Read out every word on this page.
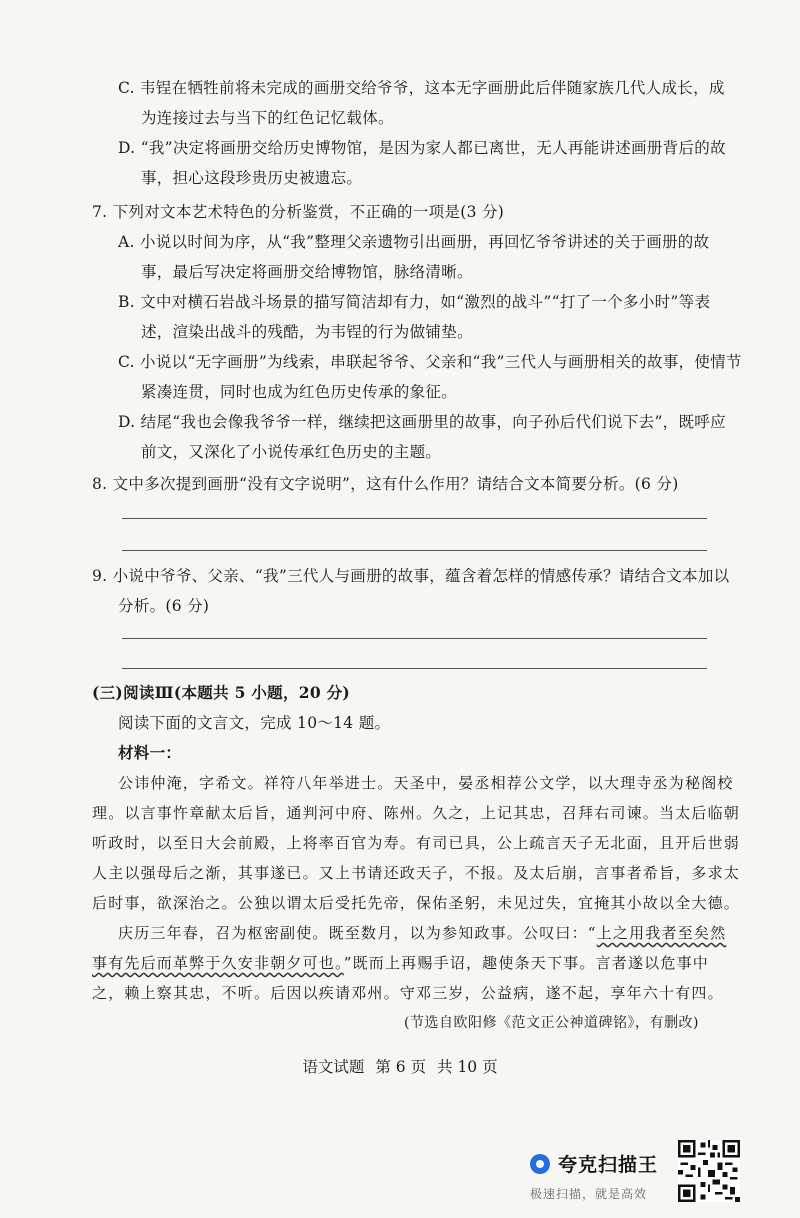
C. 韦锃在牺牲前将未完成的画册交给爷爷，这本无字画册此后伴随家族几代人成长，成
为连接过去与当下的红色记忆载体。
D. “我”决定将画册交给历史博物馆，是因为家人都已离世，无人再能讲述画册背后的故
事，担心这段珍贵历史被遗忘。
7. 下列对文本艺术特色的分析鉴赏，不正确的一项是(3 分)
A. 小说以时间为序，从“我”整理父亲遗物引出画册，再回忆爷爷讲述的关于画册的故
事，最后写决定将画册交给博物馆，脉络清晰。
B. 文中对横石岩战斗场景的描写简洁却有力，如“激烈的战斗”“打了一个多小时”等表
述，渲染出战斗的残酷，为韦锃的行为做铺垫。
C. 小说以“无字画册”为线索，串联起爷爷、父亲和“我”三代人与画册相关的故事，使情节
紧凑连贯，同时也成为红色历史传承的象征。
D. 结尾“我也会像我爷爷一样，继续把这画册里的故事，向子孙后代们说下去”，既呼应
前文，又深化了小说传承红色历史的主题。
8. 文中多次提到画册“没有文字说明”，这有什么作用？请结合文本简要分析。(6 分)
9. 小说中爷爷、父亲、“我”三代人与画册的故事，蕴含着怎样的情感传承？请结合文本加以
分析。(6 分)
(三)阅读Ⅲ(本题共 5 小题，20 分)
阅读下面的文言文，完成 10～14 题。
材料一：
公讳仲淹，字希文。祥符八年举进士。天圣中，晏丞相荐公文学，以大理寺丞为秘阁校
理。以言事忤章献太后旨，通判河中府、陈州。久之，上记其忠，召拜右司谏。当太后临朝
听政时，以至日大会前殿，上将率百官为寿。有司已具，公上疏言天子无北面，且开后世弱
人主以强母后之渐，其事遂已。又上书请还政天子，不报。及太后崩，言事者希旨，多求太
后时事，欲深治之。公独以谓太后受托先帝，保佑圣躬，未见过失，宜掩其小故以全大德。
庆历三年春，召为枢密副使。既至数月，以为参知政事。公叹曰：“上之用我者至矣然
事有先后而革弊于久安非朝夕可也。”既而上再赐手诏，趣使条天下事。言者遂以危事中
之，赖上察其忠，不听。后因以疾请邓州。守邓三岁，公益病，遂不起，享年六十有四。
(节选自欧阳修《范文正公神道碑铭》，有删改)
语文试题 第 6 页 共 10 页
夸克扫描王
极速扫描，就是高效
